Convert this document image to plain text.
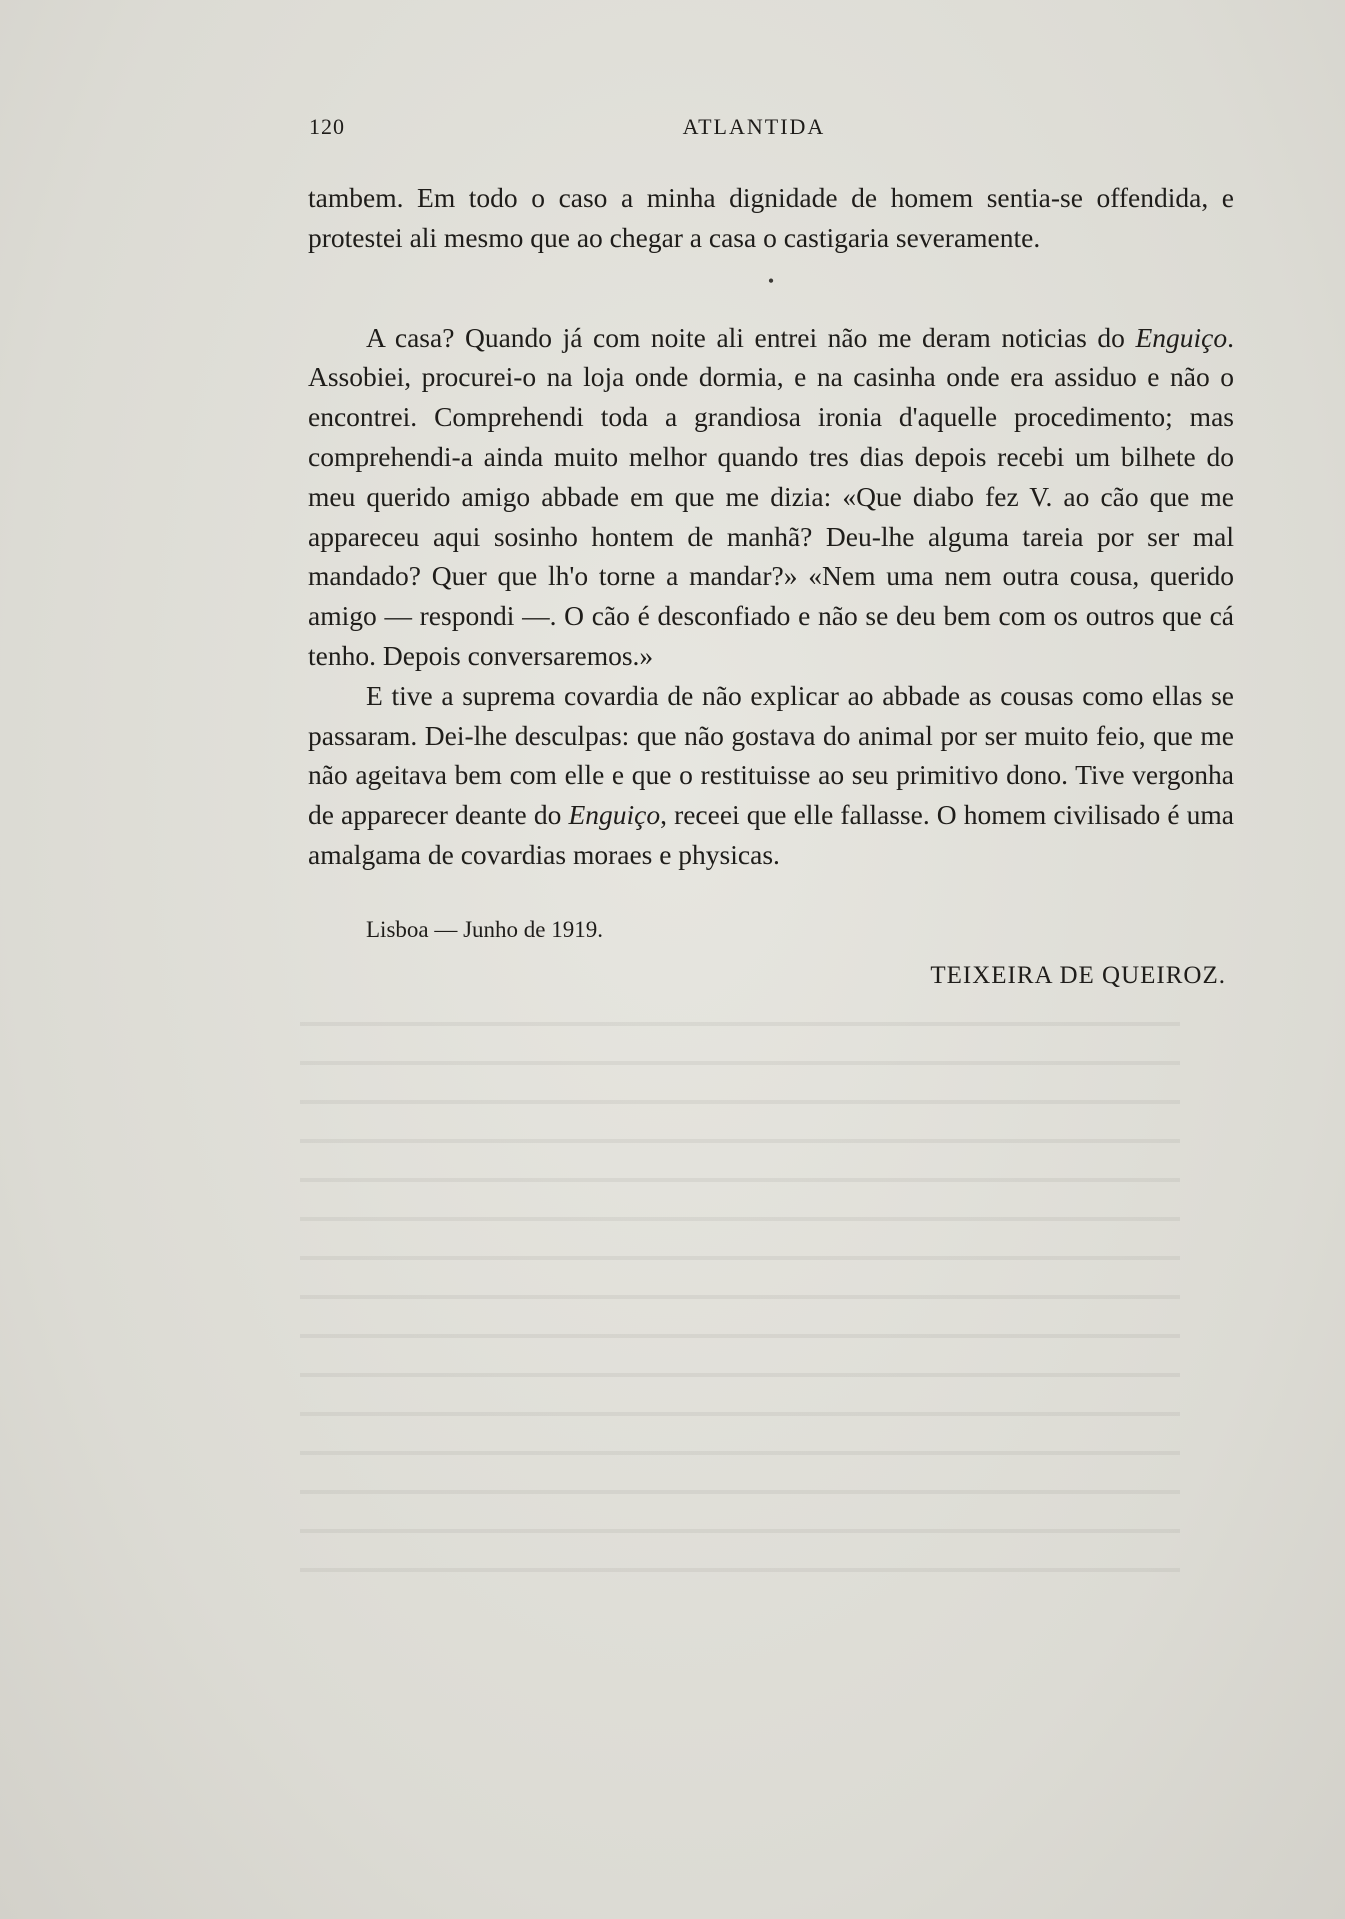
120	ATLANTIDA

tambem. Em todo o caso a minha dignidade de homem sentia-se offendida, e protestei ali mesmo que ao chegar a casa o castigaria severamente.

•

A casa? Quando já com noite ali entrei não me deram noticias do Enguiço. Assobiei, procurei-o na loja onde dormia, e na casinha onde era assiduo e não o encontrei. Comprehendi toda a grandiosa ironia d'aquelle procedimento; mas comprehendi-a ainda muito melhor quando tres dias depois recebi um bilhete do meu querido amigo abbade em que me dizia: «Que diabo fez V. ao cão que me appareceu aqui sosinho hontem de manhã? Deu-lhe alguma tareia por ser mal mandado? Quer que lh'o torne a mandar?» «Nem uma nem outra cousa, querido amigo — respondi —. O cão é desconfiado e não se deu bem com os outros que cá tenho. Depois conversaremos.»

E tive a suprema covardia de não explicar ao abbade as cousas como ellas se passaram. Dei-lhe desculpas: que não gostava do animal por ser muito feio, que me não ageitava bem com elle e que o restituisse ao seu primitivo dono. Tive vergonha de apparecer deante do Enguiço, receei que elle fallasse. O homem civilisado é uma amalgama de covardias moraes e physicas.

Lisboa — Junho de 1919.

TEIXEIRA DE QUEIROZ.
